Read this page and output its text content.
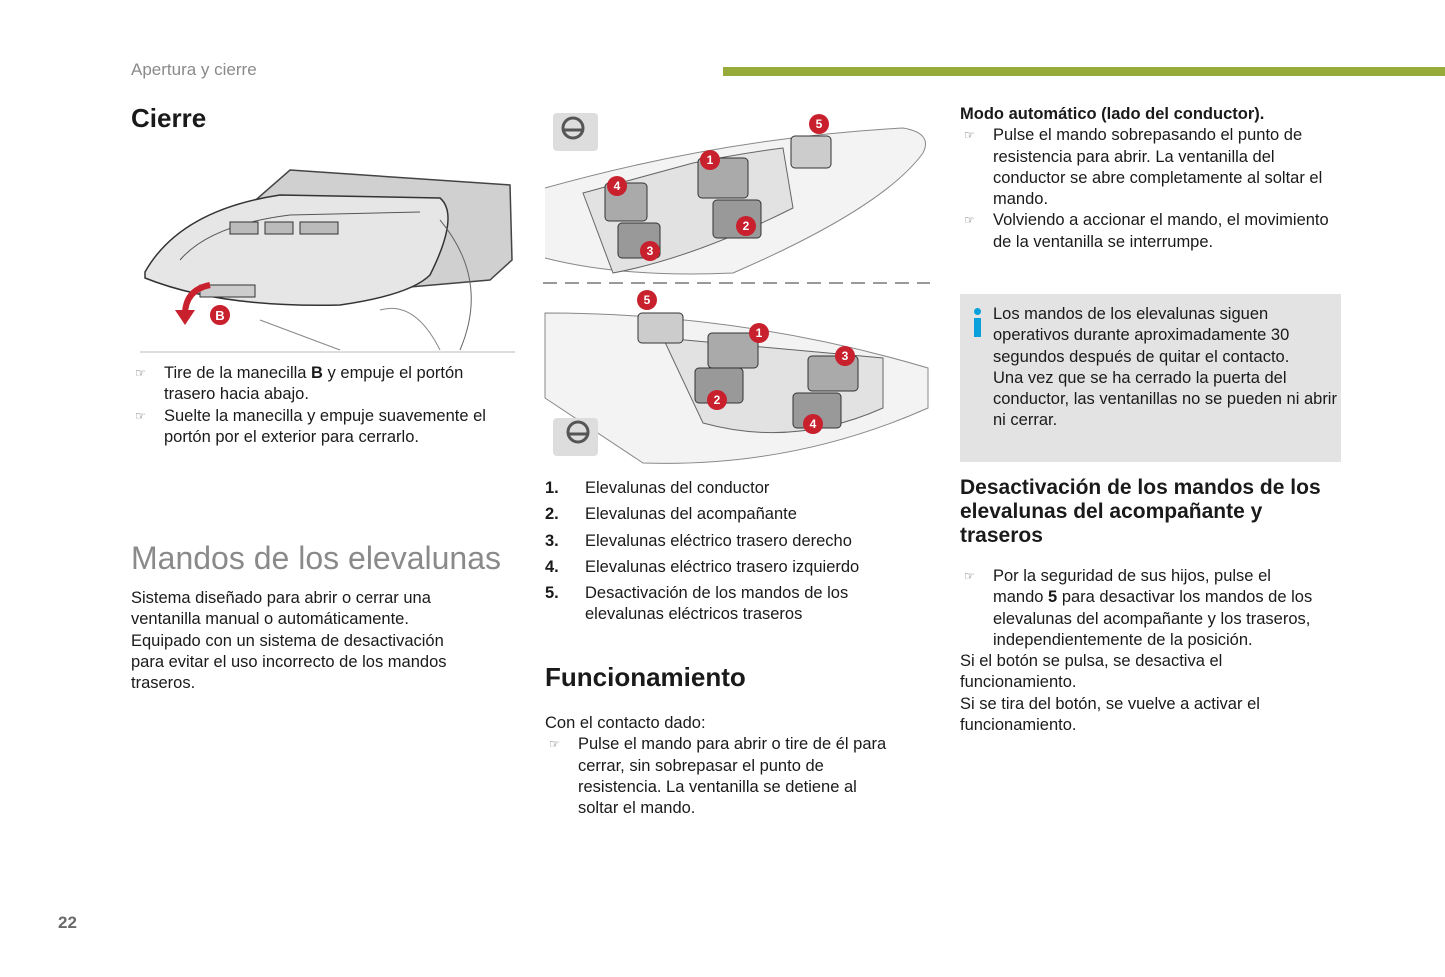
Apertura y cierre
Cierre
B
☞ Tire de la manecilla B y empuje el portón trasero hacia abajo.
☞ Suelte la manecilla y empuje suavemente el portón por el exterior para cerrarlo.
Mandos de los elevalunas
Sistema diseñado para abrir o cerrar una ventanilla manual o automáticamente. Equipado con un sistema de desactivación para evitar el uso incorrecto de los mandos traseros.
1
2
3
4
5
1
2
3
4
5
1.	Elevalunas del conductor
2.	Elevalunas del acompañante
3.	Elevalunas eléctrico trasero derecho
4.	Elevalunas eléctrico trasero izquierdo
5.	Desactivación de los mandos de los elevalunas eléctricos traseros
Funcionamiento
Con el contacto dado:
☞ Pulse el mando para abrir o tire de él para cerrar, sin sobrepasar el punto de resistencia. La ventanilla se detiene al soltar el mando.
Modo automático (lado del conductor).
☞ Pulse el mando sobrepasando el punto de resistencia para abrir. La ventanilla del conductor se abre completamente al soltar el mando.
☞ Volviendo a accionar el mando, el movimiento de la ventanilla se interrumpe.
Los mandos de los elevalunas siguen operativos durante aproximadamente 30 segundos después de quitar el contacto.
Una vez que se ha cerrado la puerta del conductor, las ventanillas no se pueden ni abrir ni cerrar.
Desactivación de los mandos de los elevalunas del acompañante y traseros
☞ Por la seguridad de sus hijos, pulse el mando 5 para desactivar los mandos de los elevalunas del acompañante y los traseros, independientemente de la posición.
Si el botón se pulsa, se desactiva el funcionamiento.
Si se tira del botón, se vuelve a activar el funcionamiento.
22
